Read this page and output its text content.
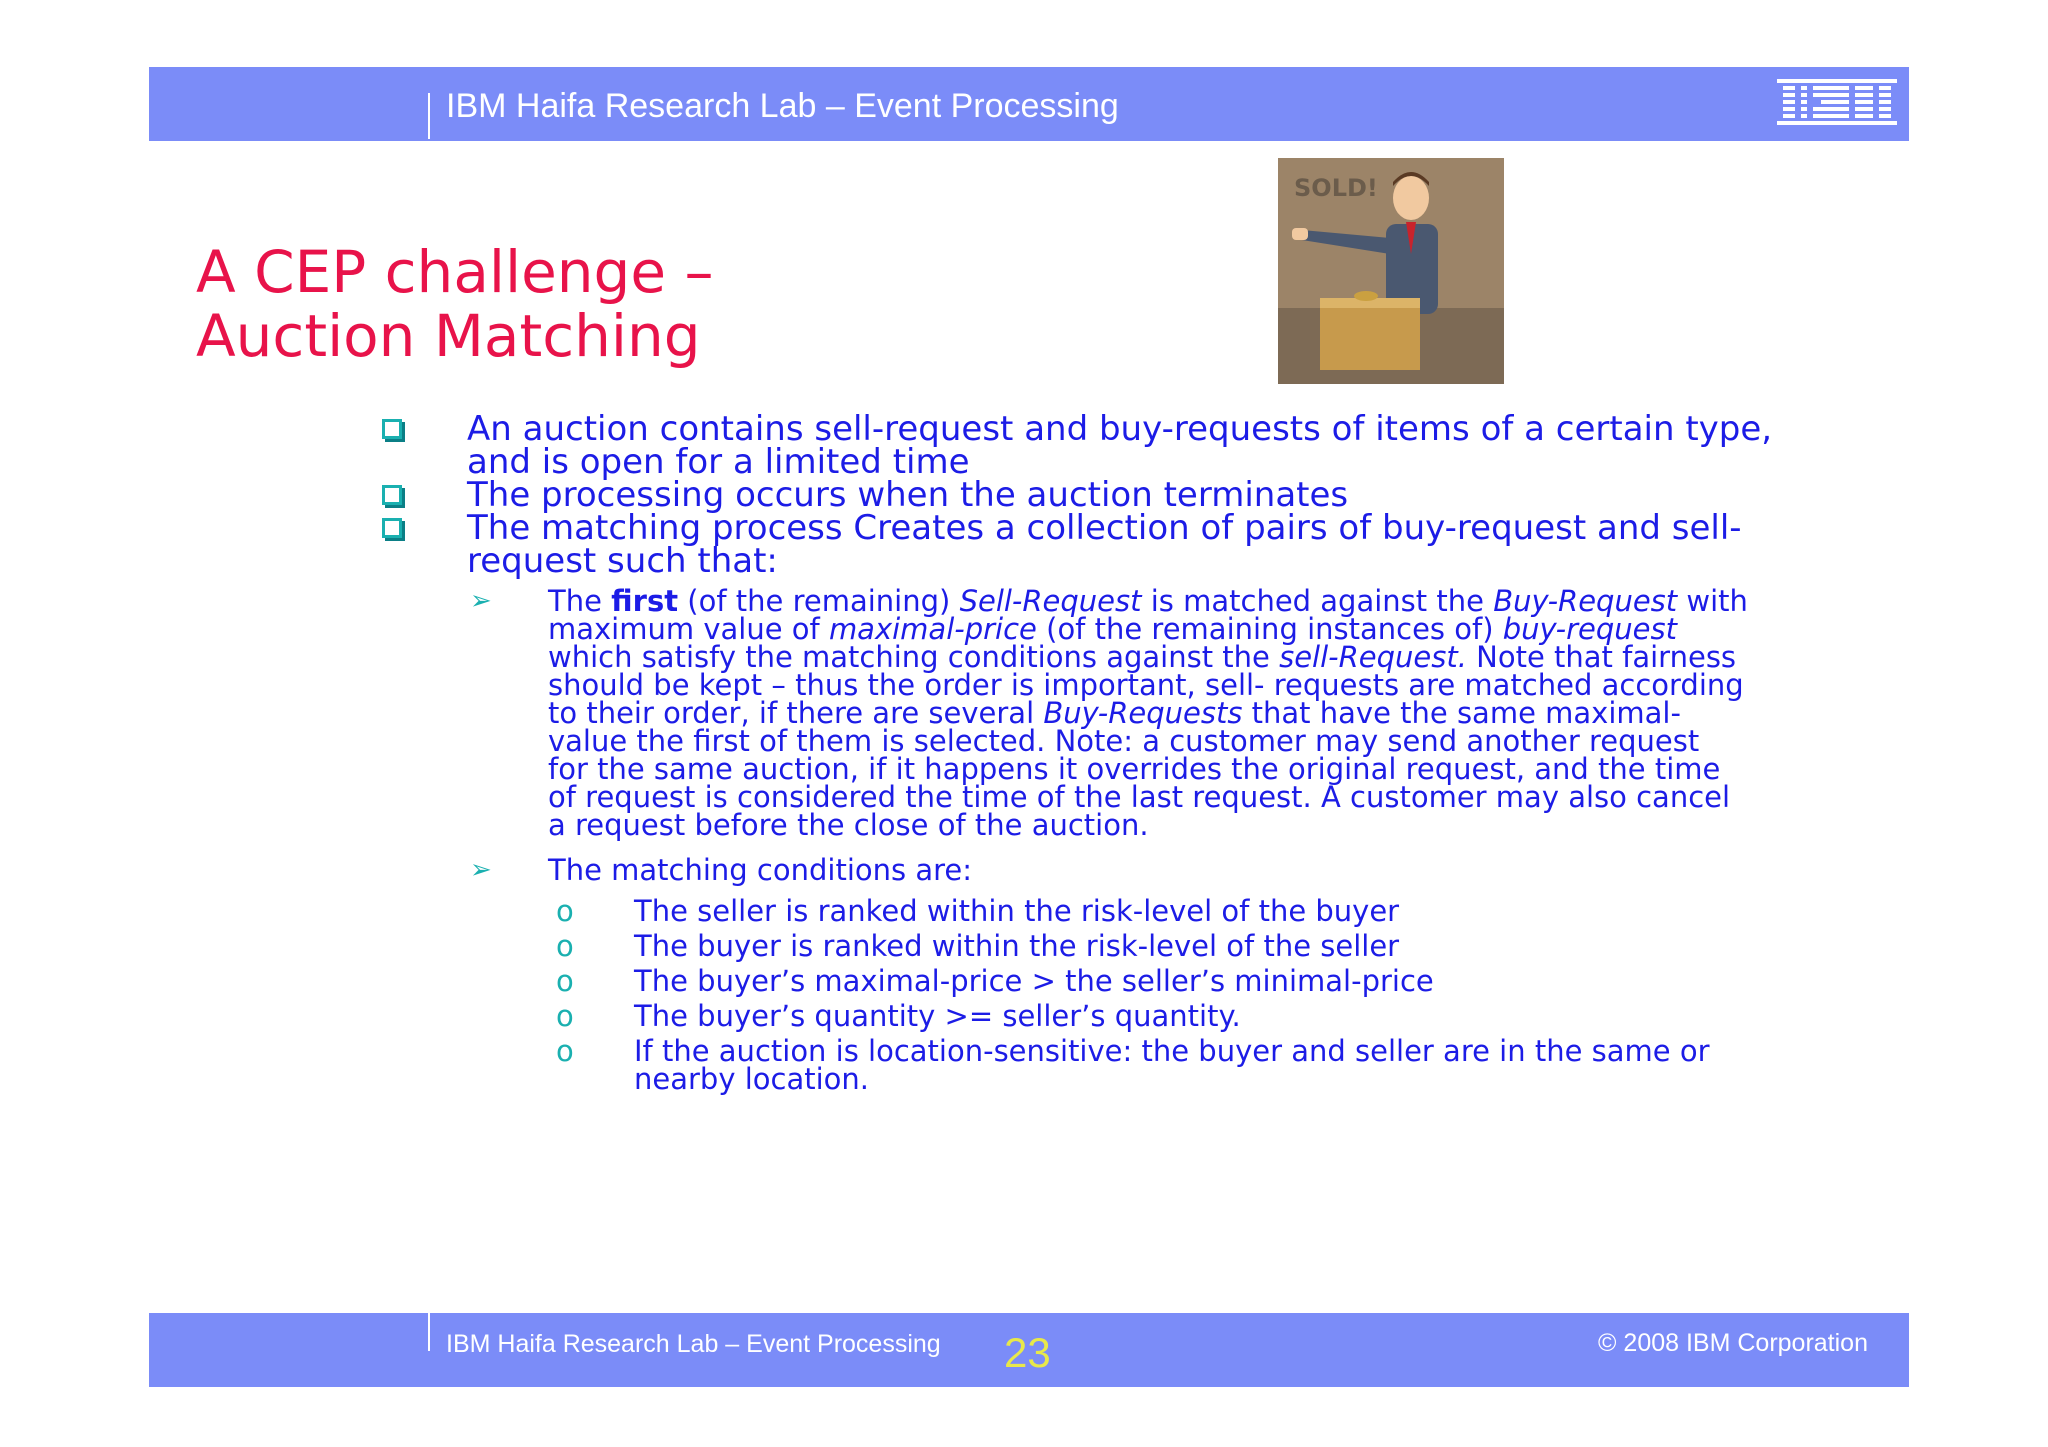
IBM Haifa Research Lab – Event Processing
A CEP challenge –
Auction Matching
SOLD!

An auction contains sell-request and buy-requests of items of a certain type, and is open for a limited time

The processing occurs when the auction terminates

The matching process Creates a collection of pairs of buy-request and sell-request such that:

➢ The first (of the remaining) Sell-Request is matched against the Buy-Request with maximum value of maximal-price (of the remaining instances of) buy-request which satisfy the matching conditions against the sell-Request. Note that fairness should be kept – thus the order is important, sell- requests are matched according to their order, if there are several Buy-Requests that have the same maximal-value the first of them is selected. Note: a customer may send another request for the same auction, if it happens it overrides the original request, and the time of request is considered the time of the last request. A customer may also cancel a request before the close of the auction.

➢ The matching conditions are:

o The seller is ranked within the risk-level of the buyer

o The buyer is ranked within the risk-level of the seller

o The buyer’s maximal-price > the seller’s minimal-price

o The buyer’s quantity >= seller’s quantity.

o If the auction is location-sensitive: the buyer and seller are in the same or nearby location.

IBM Haifa Research Lab – Event Processing 23	© 2008 IBM Corporation
